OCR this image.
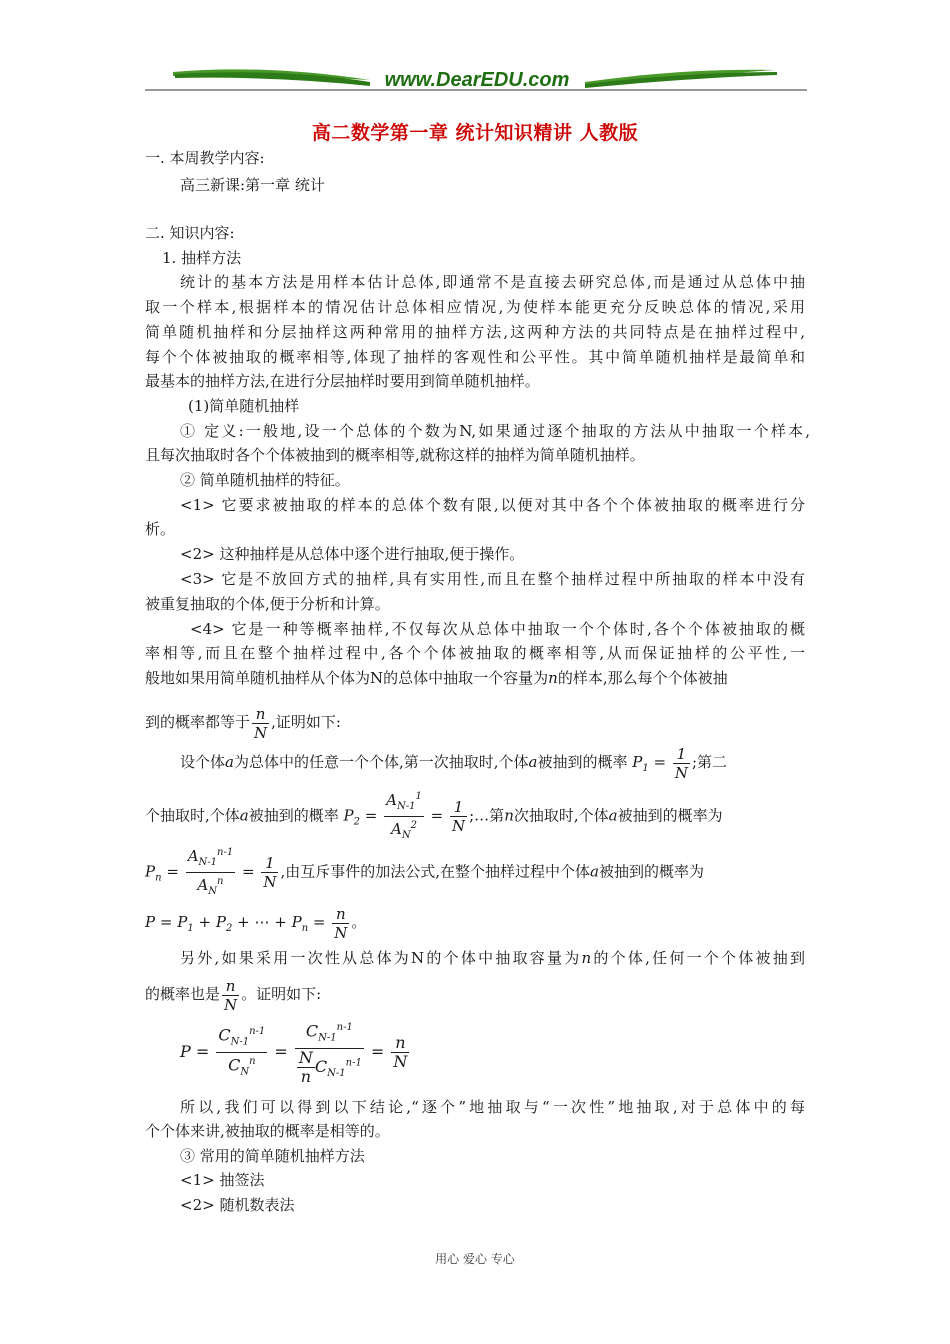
www.DearEDU.com
高二数学第一章 统计知识精讲 人教版
一. 本周教学内容:
高三新课:第一章 统计
二. 知识内容:
1. 抽样方法
统计的基本方法是用样本估计总体,即通常不是直接去研究总体,而是通过从总体中抽
取一个样本,根据样本的情况估计总体相应情况,为使样本能更充分反映总体的情况,采用
简单随机抽样和分层抽样这两种常用的抽样方法,这两种方法的共同特点是在抽样过程中,
每个个体被抽取的概率相等,体现了抽样的客观性和公平性。其中简单随机抽样是最简单和
最基本的抽样方法,在进行分层抽样时要用到简单随机抽样。
(1)简单随机抽样
① 定义:一般地,设一个总体的个数为N,如果通过逐个抽取的方法从中抽取一个样本,
且每次抽取时各个个体被抽到的概率相等,就称这样的抽样为简单随机抽样。
② 简单随机抽样的特征。
<1> 它要求被抽取的样本的总体个数有限,以便对其中各个个体被抽取的概率进行分
析。
<2> 这种抽样是从总体中逐个进行抽取,便于操作。
<3> 它是不放回方式的抽样,具有实用性,而且在整个抽样过程中所抽取的样本中没有
被重复抽取的个体,便于分析和计算。
<4> 它是一种等概率抽样,不仅每次从总体中抽取一个个体时,各个个体被抽取的概
率相等,而且在整个抽样过程中,各个个体被抽取的概率相等,从而保证抽样的公平性,一
般地如果用简单随机抽样从个体为N的总体中抽取一个容量为n的样本,那么每个个体被抽
到的概率都等于 $\frac{n}{N}$ ,证明如下:
设个体a为总体中的任意一个个体,第一次抽取时,个体a被抽到的概率 $P_1 = \frac{1}{N}$ ;第二
个抽取时,个体a被抽到的概率 $P_2 = \frac{A_{N-1}^1}{A_N^2} = \frac{1}{N}$ ;…第n次抽取时,个体a被抽到的概率为
$P_n = \frac{A_{N-1}^{n-1}}{A_N^n} = \frac{1}{N}$ ,由互斥事件的加法公式,在整个抽样过程中个体a被抽到的概率为
$P = P_1 + P_2$ + ⋯ + $P_n = \frac{n}{N}$ 。
另外,如果采用一次性从总体为N的个体中抽取容量为n的个体,任何一个个体被抽到
的概率也是 $\frac{n}{N}$ 。证明如下:
$P = \frac{C_{N-1}^{n-1}}{C_N^n} = \frac{C_{N-1}^{n-1}}{\frac{N}{n} C_{N-1}^{n-1}} = \frac{n}{N}$
所以,我们可以得到以下结论,“逐个”地抽取与“一次性”地抽取,对于总体中的每
个个体来讲,被抽取的概率是相等的。
③ 常用的简单随机抽样方法
<1> 抽签法
<2> 随机数表法
用心 爱心 专心
